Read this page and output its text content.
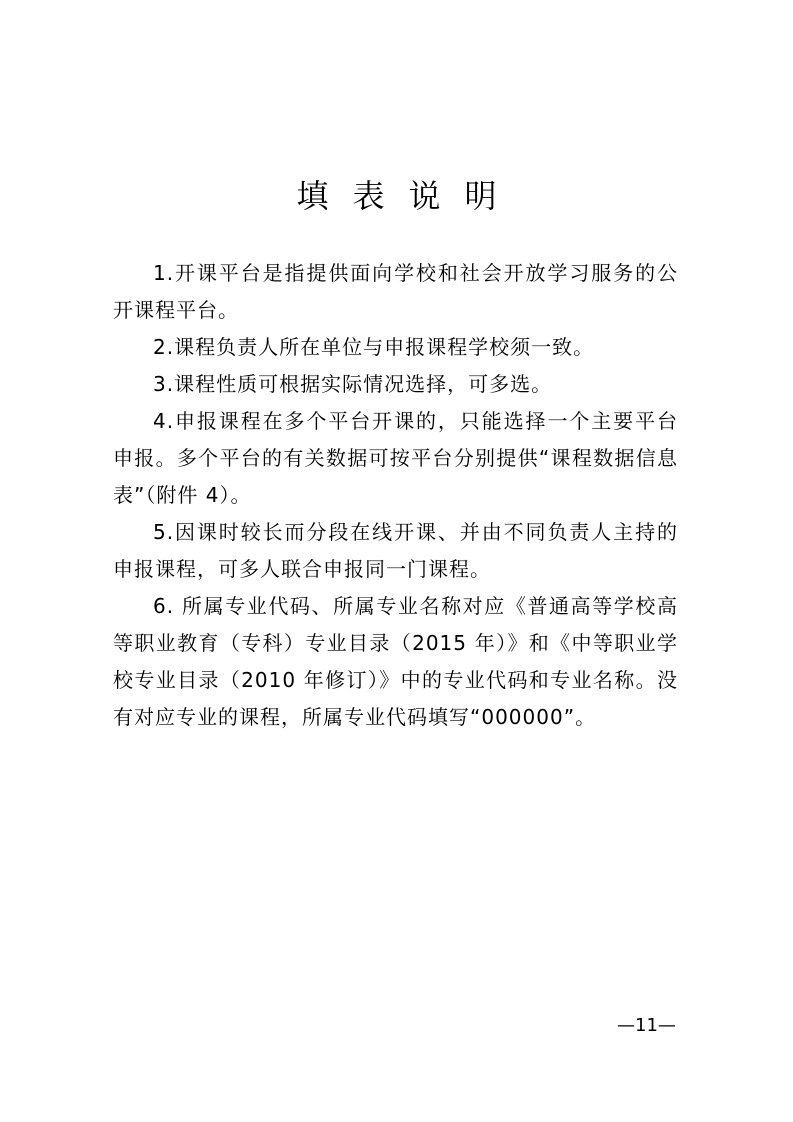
填表说明

1.开课平台是指提供面向学校和社会开放学习服务的公开课程平台。

2.课程负责人所在单位与申报课程学校须一致。

3.课程性质可根据实际情况选择，可多选。

4.申报课程在多个平台开课的，只能选择一个主要平台申报。多个平台的有关数据可按平台分别提供“课程数据信息表”（附件 4）。

5.因课时较长而分段在线开课、并由不同负责人主持的申报课程，可多人联合申报同一门课程。

6. 所属专业代码、所属专业名称对应《普通高等学校高等职业教育（专科）专业目录（2015 年）》和《中等职业学校专业目录（2010 年修订）》中的专业代码和专业名称。没有对应专业的课程，所属专业代码填写“000000”。

—11—
